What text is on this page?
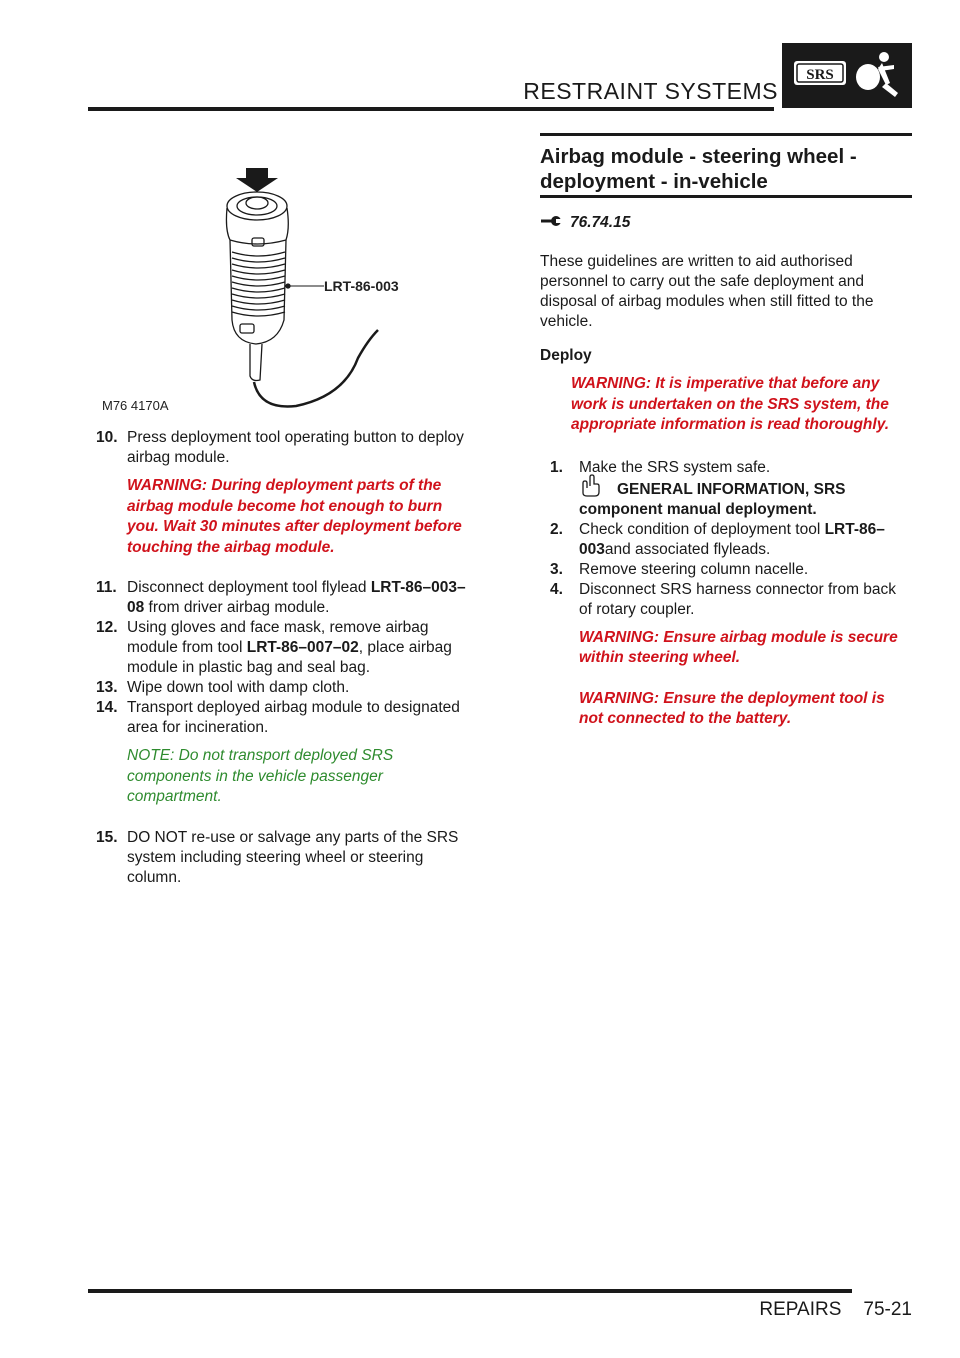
RESTRAINT SYSTEMS
SRS
LRT-86-003
M76 4170A
10. Press deployment tool operating button to deploy airbag module.
WARNING: During deployment parts of the airbag module become hot enough to burn you. Wait 30 minutes after deployment before touching the airbag module.
11. Disconnect deployment tool flylead LRT-86–003–08 from driver airbag module.
12. Using gloves and face mask, remove airbag module from tool LRT-86–007–02, place airbag module in plastic bag and seal bag.
13. Wipe down tool with damp cloth.
14. Transport deployed airbag module to designated area for incineration.
NOTE: Do not transport deployed SRS components in the vehicle passenger compartment.
15. DO NOT re-use or salvage any parts of the SRS system including steering wheel or steering column.
Airbag module - steering wheel -
deployment - in-vehicle
76.74.15

These guidelines are written to aid authorised personnel to carry out the safe deployment and disposal of airbag modules when still fitted to the vehicle.

Deploy
WARNING: It is imperative that before any work is undertaken on the SRS system, the appropriate information is read thoroughly.
1.	Make the SRS system safe.
GENERAL INFORMATION, SRS
component manual deployment.
2.	Check condition of deployment tool LRT-86–003and associated flyleads.
3.	Remove steering column nacelle.
4.	Disconnect SRS harness connector from back of rotary coupler.
WARNING: Ensure airbag module is secure within steering wheel.
WARNING: Ensure the deployment tool is not connected to the battery.
REPAIRS 75-21
